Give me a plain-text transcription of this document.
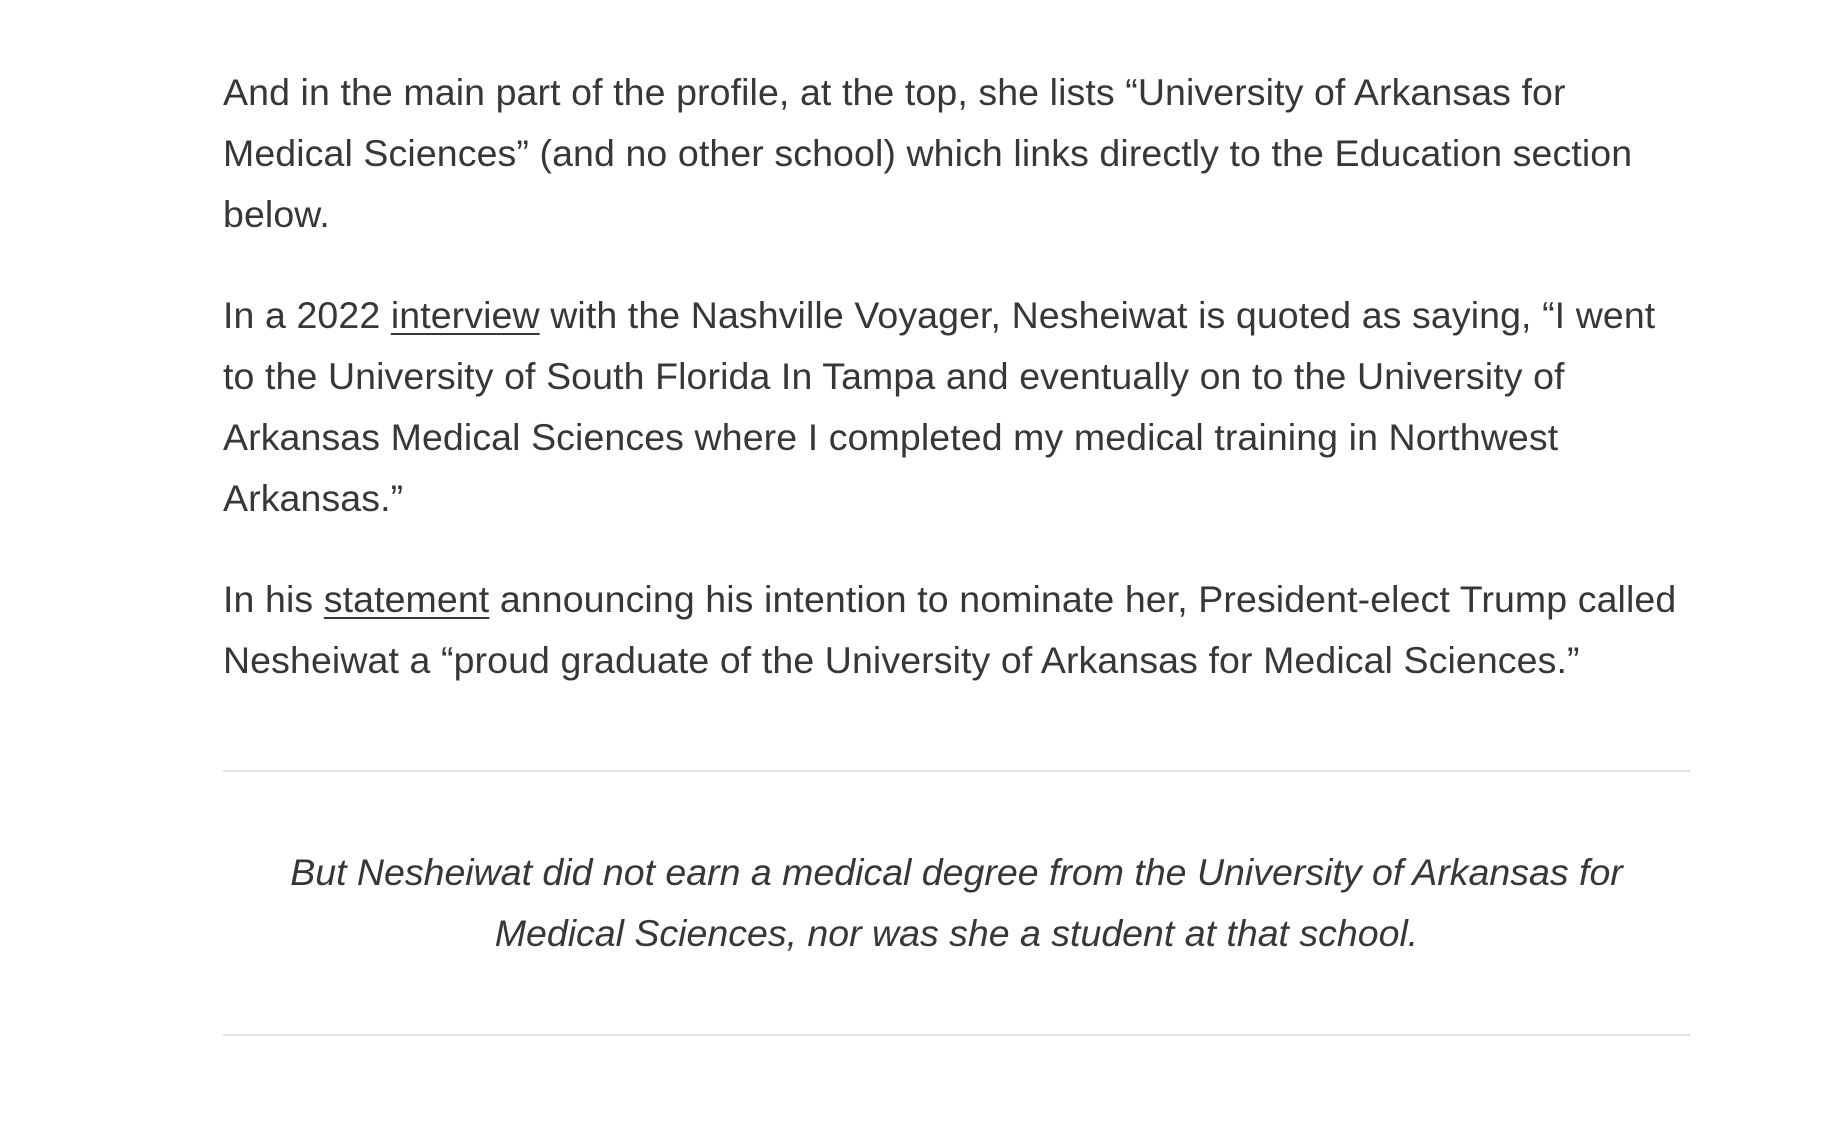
And in the main part of the profile, at the top, she lists “University of Arkansas for Medical Sciences” (and no other school) which links directly to the Education section below.

In a 2022 interview with the Nashville Voyager, Nesheiwat is quoted as saying, “I went to the University of South Florida In Tampa and eventually on to the University of Arkansas Medical Sciences where I completed my medical training in Northwest Arkansas.”

In his statement announcing his intention to nominate her, President-elect Trump called Nesheiwat a “proud graduate of the University of Arkansas for Medical Sciences.”

But Nesheiwat did not earn a medical degree from the University of Arkansas for Medical Sciences, nor was she a student at that school.
